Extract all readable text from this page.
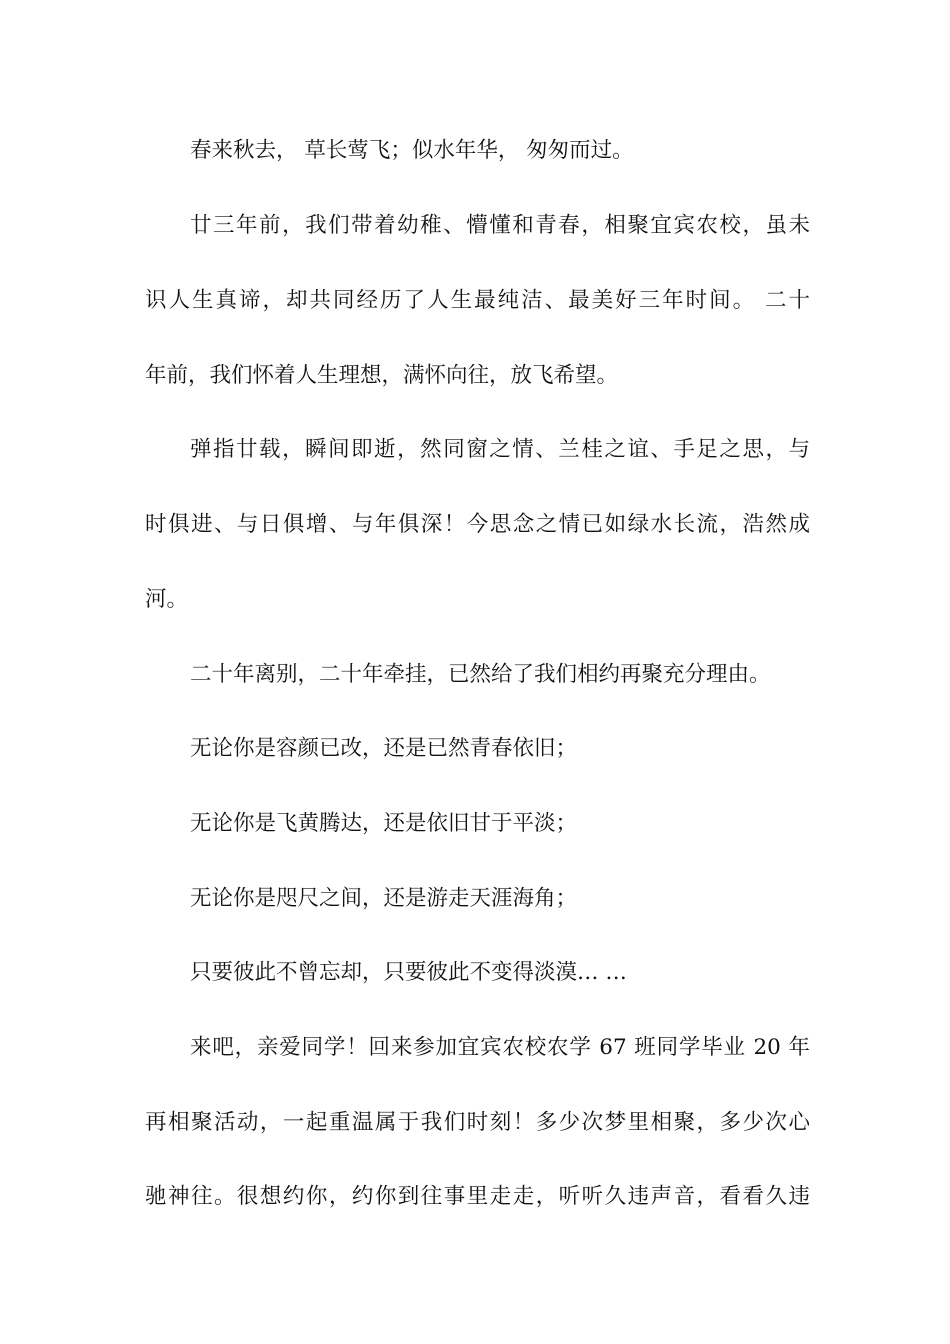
春来秋去， 草长莺飞；似水年华， 匆匆而过。
廿三年前，我们带着幼稚、懵懂和青春，相聚宜宾农校，虽未
识人生真谛，却共同经历了人生最纯洁、最美好三年时间。 二十
年前，我们怀着人生理想，满怀向往，放飞希望。
弹指廿载，瞬间即逝，然同窗之情、兰桂之谊、手足之思，与
时俱进、与日俱增、与年俱深！今思念之情已如绿水长流，浩然成
河。
二十年离别，二十年牵挂，已然给了我们相约再聚充分理由。
无论你是容颜已改，还是已然青春依旧；
无论你是飞黄腾达，还是依旧甘于平淡；
无论你是咫尺之间，还是游走天涯海角；
只要彼此不曾忘却，只要彼此不变得淡漠… …
来吧，亲爱同学！回来参加宜宾农校农学 67 班同学毕业 20 年
再相聚活动，一起重温属于我们时刻！多少次梦里相聚，多少次心
驰神往。很想约你，约你到往事里走走，听听久违声音，看看久违
